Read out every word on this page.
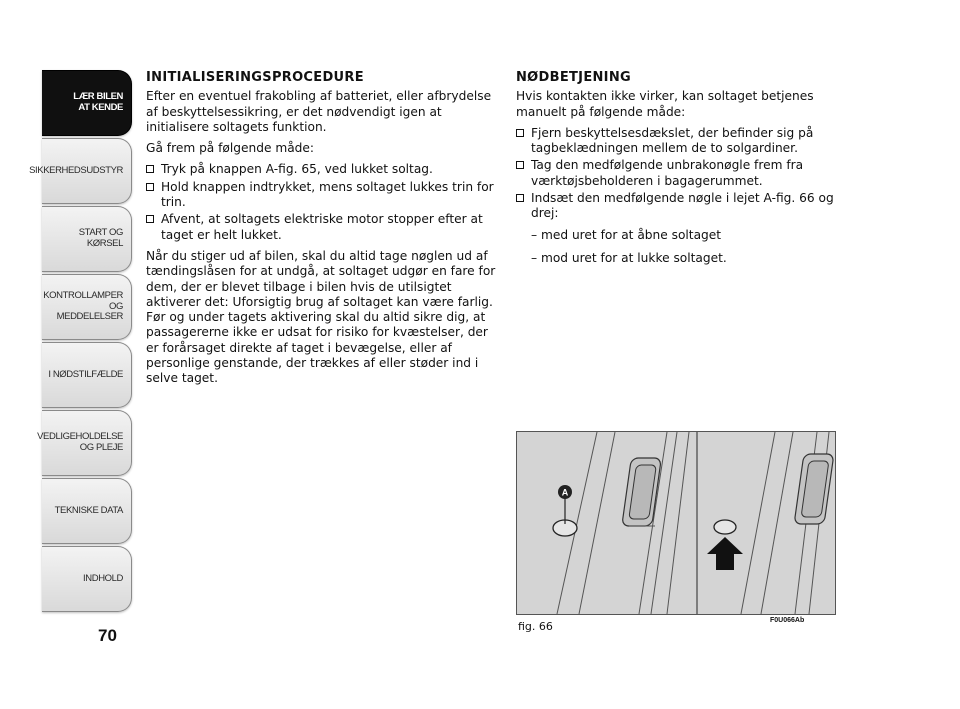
LÆR BILEN
AT KENDE
SIKKERHEDSUDSTYR
START OG KØRSEL
KONTROLLAMPER
OG MEDDELELSER
I NØDSTILFÆLDE
VEDLIGEHOLDELSE
OG PLEJE
TEKNISKE DATA
INDHOLD
70
INITIALISERINGSPROCEDURE

Efter en eventuel frakobling af batteriet, eller afbrydelse af beskyttelsessikring, er det nødvendigt igen at initialisere soltagets funktion.

Gå frem på følgende måde:

Tryk på knappen A-fig. 65, ved lukket soltag.
Hold knappen indtrykket, mens soltaget lukkes trin for trin.
Afvent, at soltagets elektriske motor stopper efter at taget er helt lukket.

Når du stiger ud af bilen, skal du altid tage nøglen ud af tændingslåsen for at undgå, at soltaget udgør en fare for dem, der er blevet tilbage i bilen hvis de utilsigtet aktiverer det: Uforsigtig brug af soltaget kan være farlig. Før og under tagets aktivering skal du altid sikre dig, at passagererne ikke er udsat for risiko for kvæstelser, der er forårsaget direkte af taget i bevægelse, eller af personlige genstande, der trækkes af eller støder ind i selve taget.

NØDBETJENING

Hvis kontakten ikke virker, kan soltaget betjenes manuelt på følgende måde:

Fjern beskyttelsesdækslet, der befinder sig på tagbeklædningen mellem de to solgardiner.
Tag den medfølgende unbrakonøgle frem fra værktøjsbeholderen i bagagerummet.
Indsæt den medfølgende nøgle i lejet A-fig. 66 og drej:

– med uret for at åbne soltaget

– mod uret for at lukke soltaget.

A
fig. 66	F0U066Ab
